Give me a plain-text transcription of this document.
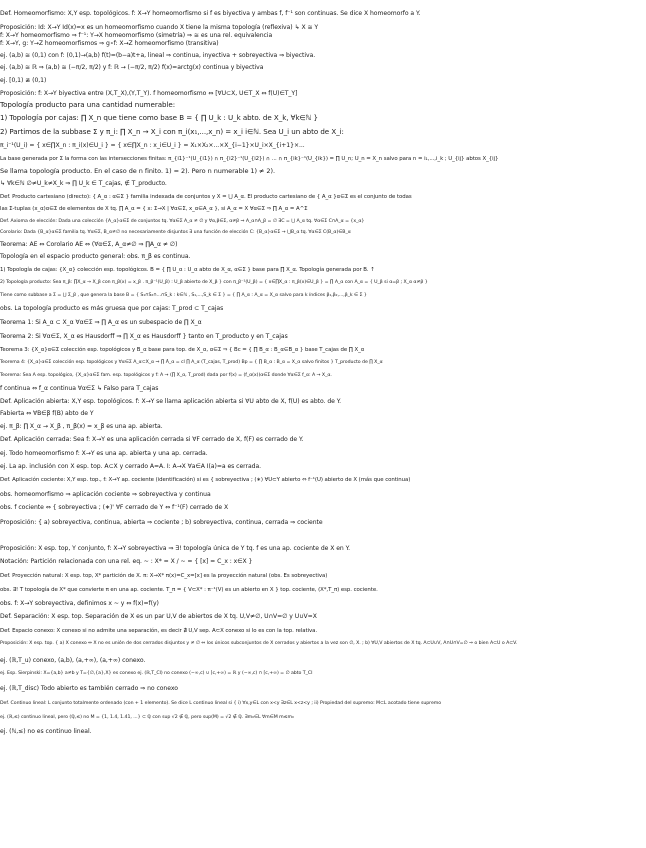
Def. Homeomorfismo: X,Y esp. topológicos. f: X→Y homeomorfismo si f es biyectiva y ambas f, f⁻¹ son continuas. Se dice X homeomorfo a Y.
Proposición: Id: X→Y Id(x)=x es un homeomorfismo cuando X tiene la misma topología (reflexiva) ↳ X ≅ Y
f: X→Y homeomorfismo ⇒ f⁻¹: Y→X homeomorfismo (simetría) ⇒ ≅ es una rel. equivalencia
f: X→Y, g: Y→Z homeomorfismos ⇒ g∘f: X→Z homeomorfismo (transitiva)
ej. (a,b) ≅ (0,1) con f: (0,1)→(a,b) f(t)=(b−a)t+a, lineal ⇒ continua, inyectiva + sobreyectiva ⇒ biyectiva.
ej. (a,b) ≅ ℝ ⇒ (a,b) ≅ (−π/2, π/2) y f: ℝ → (−π/2, π/2) f(x)=arctg(x) continua y biyectiva
ej. [0,1) ≇ (0,1)
Proposición: f: X→Y biyectiva entre (X,T_X),(Y,T_Y). f homeomorfismo ⇔ [∀U⊂X, U∈T_X ⇔ f(U)∈T_Y]
Topología producto para una cantidad numerable:
1) Topología por cajas: ∏ X_n que tiene como base B = { ∏ U_k : U_k abto. de X_k, ∀k∈ℕ }
2) Partimos de la subbase Σ y π_i: ∏ X_n → X_i con π_i(x₁,...,x_n) = x_i i∈ℕ. Sea U_i un abto de X_i:
π_i⁻¹(U_i) = { x∈∏X_n : π_i(x)∈U_i } = { x∈∏X_n : x_i∈U_i } = X₁×X₂×...×X_{i−1}×U_i×X_{i+1}×...
La base generada por Σ la forma con las intersecciones finitas: π_{i1}⁻¹(U_{i1}) ∩ π_{i2}⁻¹(U_{i2}) ∩ ... ∩ π_{ik}⁻¹(U_{ik}) = ∏ U_n; U_n = X_n salvo para n = i₁,...,i_k ; U_{ij} abtos X_{ij}
Se llama topología producto. En el caso de n finito. 1) = 2). Pero n numerable 1) ≠ 2).
↳ ∀k∈ℕ ∅≠U_k≠X_k ⇒ ∏ U_k ∈ T_cajas, ∉ T_producto.
Def. Producto cartesiano (directo): { A_α : α∈Σ } familia indexada de conjuntos y X = ⋃ A_α. El producto cartesiano de { A_α }α∈Σ es el conjunto de todas
las Σ-tuplas (x_α)α∈Σ de elementos de X tq. ∏ A_α = { x: Σ→X | ∀α∈Σ, x_α∈A_α }, si A_α = X ∀α∈Σ ⇒ ∏ A_α = A^Σ
Def. Axioma de elección: Dada una colección {A_α}α∈Σ de conjuntos tq. ∀α∈Σ A_α ≠ ∅ y ∀α,β∈Σ, α≠β ⇒ A_α∩A_β = ∅ ∃C = ⋃ A_α tq. ∀α∈Σ C∩A_α = {x_α}
Corolario: Dada {B_α}α∈Σ familia tq. ∀α∈Σ, B_α≠∅ no necesariamente disjuntos ∃ una función de elección C: {B_α}α∈Σ → ⋃B_α tq. ∀α∈Σ C(B_α)∈B_α
Teorema: AE ⇔ Corolario AE ⇔ (∀α∈Σ, A_α≠∅ ⇒ ∏A_α ≠ ∅)
Topología en el espacio producto general: obs. π_β es continua.
1) Topología de cajas: {X_α} colección esp. topológicos. B = { ∏ U_α : U_α abto de X_α, α∈Σ } base para ∏ X_α. Topología generada por B. ↑
2) Topología producto: Sea π_β: ∏X_α → X_β con π_β(x) = x_β . π_β⁻¹(U_β) : U_β abierto de X_β } con π_β⁻¹(U_β) = { x∈∏X_α : π_β(x)∈U_β } = ∏ A_α con A_α = { U_β si α=β ; X_α α≠β }
Tiene como subbase a Σ = ⋃ Σ_β , que genera la base B = { S₁∩S₂∩...∩S_k : k∈ℕ , S₁,...,S_k ∈ Σ } = { ∏ A_α : A_α = X_α salvo para k índices β₁,β₂,...,β_k ∈ Σ }
obs. La topología producto es más gruesa que por cajas: T_prod ⊂ T_cajas
Teorema 1: Si A_α ⊂ X_α ∀α∈Σ ⇒ ∏ A_α es un subespacio de ∏ X_α
Teorema 2: Si ∀α∈Σ, X_α es Hausdorff ⇒ ∏ X_α es Hausdorff } tanto en T_producto y en T_cajas
Teorema 3: {X_α}α∈Σ colección esp. topológicos y B_α base para top. de X_α, α∈Σ ⇒ { Bc = { ∏ B_α : B_α∈B_α } base T_cajas de ∏ X_α
Teorema 4: {X_α}α∈Σ colección esp. topológicos y ∀α∈Σ A_α⊂X_α ⇒ ∏ Ā_α = cl ∏ A_α (T_cajas, T_prod) Bp = { ∏ B_α : B_α = X_α salvo finitos } T_producto de ∏ X_α
Teorema: Sea A esp. topológico, {X_α}α∈Σ fam. esp. topológicos y f: A → (∏ X_α, T_prod) dada por f(x) = (f_α(x))α∈Σ donde ∀α∈Σ f_α: A → X_α.
f continua ⇔ f_α continua ∀α∈Σ ↳ Falso para T_cajas
Def. Aplicación abierta: X,Y esp. topológicos. f: X→Y se llama aplicación abierta si ∀U abto de X, f(U) es abto. de Y.
Fabierta ⇔ ∀B∈β f(B) abto de Y
ej. π_β: ∏ X_α → X_β , π_β(x) = x_β es una ap. abierta.
Def. Aplicación cerrada: Sea f: X→Y es una aplicación cerrada si ∀F cerrado de X, f(F) es cerrado de Y.
ej. Todo homeomorfismo f: X→Y es una ap. abierta y una ap. cerrada.
ej. La ap. inclusión con X esp. top. A⊂X y cerrado A=Ā. I: A→X ∀a∈A I(a)=a es cerrada.
Def. Aplicación cociente: X,Y esp. top., f: X→Y ap. cociente (identificación) si es { sobreyectiva ; (∗) ∀U⊂Y abierto ⇔ f⁻¹(U) abierto de X (más que continua)
obs. homeomorfismo ⇒ aplicación cociente ⇒ sobreyectiva y continua
obs. f cociente ⇔ { sobreyectiva ; (∗)' ∀F cerrado de Y ⇔ f⁻¹(F) cerrado de X
Proposición: { a) sobreyectiva, continua, abierta ⇒ cociente ; b) sobreyectiva, continua, cerrada ⇒ cociente
Proposición: X esp. top, Y conjunto, f: X→Y sobreyectiva ⇒ ∃! topología única de Y tq. f es una ap. cociente de X en Y.
Notación: Partición relacionada con una rel. eq. ~ : X* = X / ~ = { [x] = C_x : x∈X }
Def. Proyección natural: X esp. top, X* partición de X. π: X→X* π(x)=C_x=[x] es la proyección natural (obs. Es sobreyectiva)
obs. ∃! T topología de X* que convierte π en una ap. cociente. T_π = { V⊂X* : π⁻¹(V) es un abierto en X } top. cociente, (X*,T_π) esp. cociente.
obs. f: X→Y sobreyectiva, definimos x ~ y ⇔ f(x)=f(y)
Def. Separación: X esp. top. Separación de X es un par U,V de abiertos de X tq. U,V≠∅, U∩V=∅ y U∪V=X
Def. Espacio conexo: X conexo si no admite una separación, es decir ∄ U,V sep. A⊂X conexo si lo es con la top. relativa.
Proposición: X esp. top. { a) X conexo ⇔ X no es unión de dos cerrados disjuntos y ≠ ∅ ⇔ los únicos subconjuntos de X cerrados y abiertos a la vez son ∅, X. ; b) ∀U,V abiertos de X tq. A⊂U∪V, A∩U∩V=∅ ⇒ o bien A⊂U o A⊂V.
ej. (ℝ,T_u) conexo, (a,b), (a,+∞), (a,+∞) conexo.
ej. Esp. Sierpinski: X={a,b} a≠b y T={∅,{a},X} es conexo ej. (ℝ,T_CI) no conexo (−∞,c) ∪ [c,+∞) = ℝ y (−∞,c) ∩ [c,+∞) = ∅ abto T_CI
ej. (ℝ,T_disc) Todo abierto es también cerrado ⇒ no conexo
Def. Continuo lineal: L conjunto totalmente ordenado (con + 1 elemento). Se dice L continuo lineal si { i) ∀x,y∈L con x<y ∃z∈L x<z<y ; ii) Propiedad del supremo: M⊂L acotado tiene supremo
ej. (ℝ,≤) continuo lineal, pero (ℚ,≤) no M = {1, 1.4, 1.41, ...} ⊂ ℚ con sup √2 ∉ ℚ, pero sup(M) = √2 ∉ ℚ. ∃m₀∈L ∀m∈M m≤m₀
ej. (ℕ,≤) no es continuo lineal.
